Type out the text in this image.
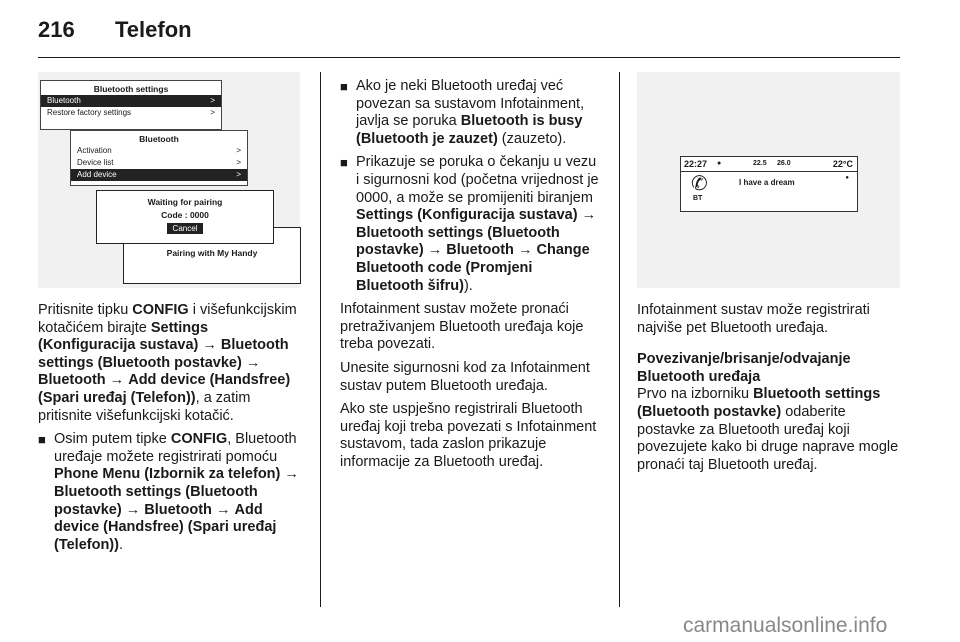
216 Telefon
Bluetooth settings
Bluetooth	>
Restore factory settings	>
Bluetooth
Activation	>
Device list	>
Add device	>
Pairing with My Handy
Waiting for pairing
Code : 0000
Cancel

Pritisnite tipku CONFIG i višefunkcijskim kotačićem birajte Settings (Konfiguracija sustava) → Bluetooth settings (Bluetooth postavke) → Bluetooth → Add device (Handsfree) (Spari uređaj (Telefon)), a zatim pritisnite višefunkcijski kotačić.

■ Osim putem tipke CONFIG, Bluetooth uređaje možete registrirati pomoću Phone Menu (Izbornik za telefon) → Bluetooth settings (Bluetooth postavke) → Bluetooth → Add device (Handsfree) (Spari uređaj (Telefon)).
■ Ako je neki Bluetooth uređaj već povezan sa sustavom Infotainment, javlja se poruka Bluetooth is busy (Bluetooth je zauzet) (zauzeto).
■ Prikazuje se poruka o čekanju u vezu i sigurnosni kod (početna vrijednost je 0000, a može se promijeniti biranjem Settings (Konfiguracija sustava) → Bluetooth settings (Bluetooth postavke) → Bluetooth → Change Bluetooth code (Promjeni Bluetooth šifru)).

Infotainment sustav možete pronaći pretraživanjem Bluetooth uređaja koje treba povezati.

Unesite sigurnosni kod za Infotainment sustav putem Bluetooth uređaja.

Ako ste uspješno registrirali Bluetooth uređaj koji treba povezati s Infotainment sustavom, tada zaslon prikazuje informacije za Bluetooth uređaj.

22:27 ●	22.5 26.0	22°C
✆
BT
I have a dream	●

Infotainment sustav može registrirati najviše pet Bluetooth uređaja.

Povezivanje/brisanje/odvajanje Bluetooth uređaja

Prvo na izborniku Bluetooth settings (Bluetooth postavke) odaberite postavke za Bluetooth uređaj koji povezujete kako bi druge naprave mogle pronaći taj Bluetooth uređaj.

carmanualsonline.info
